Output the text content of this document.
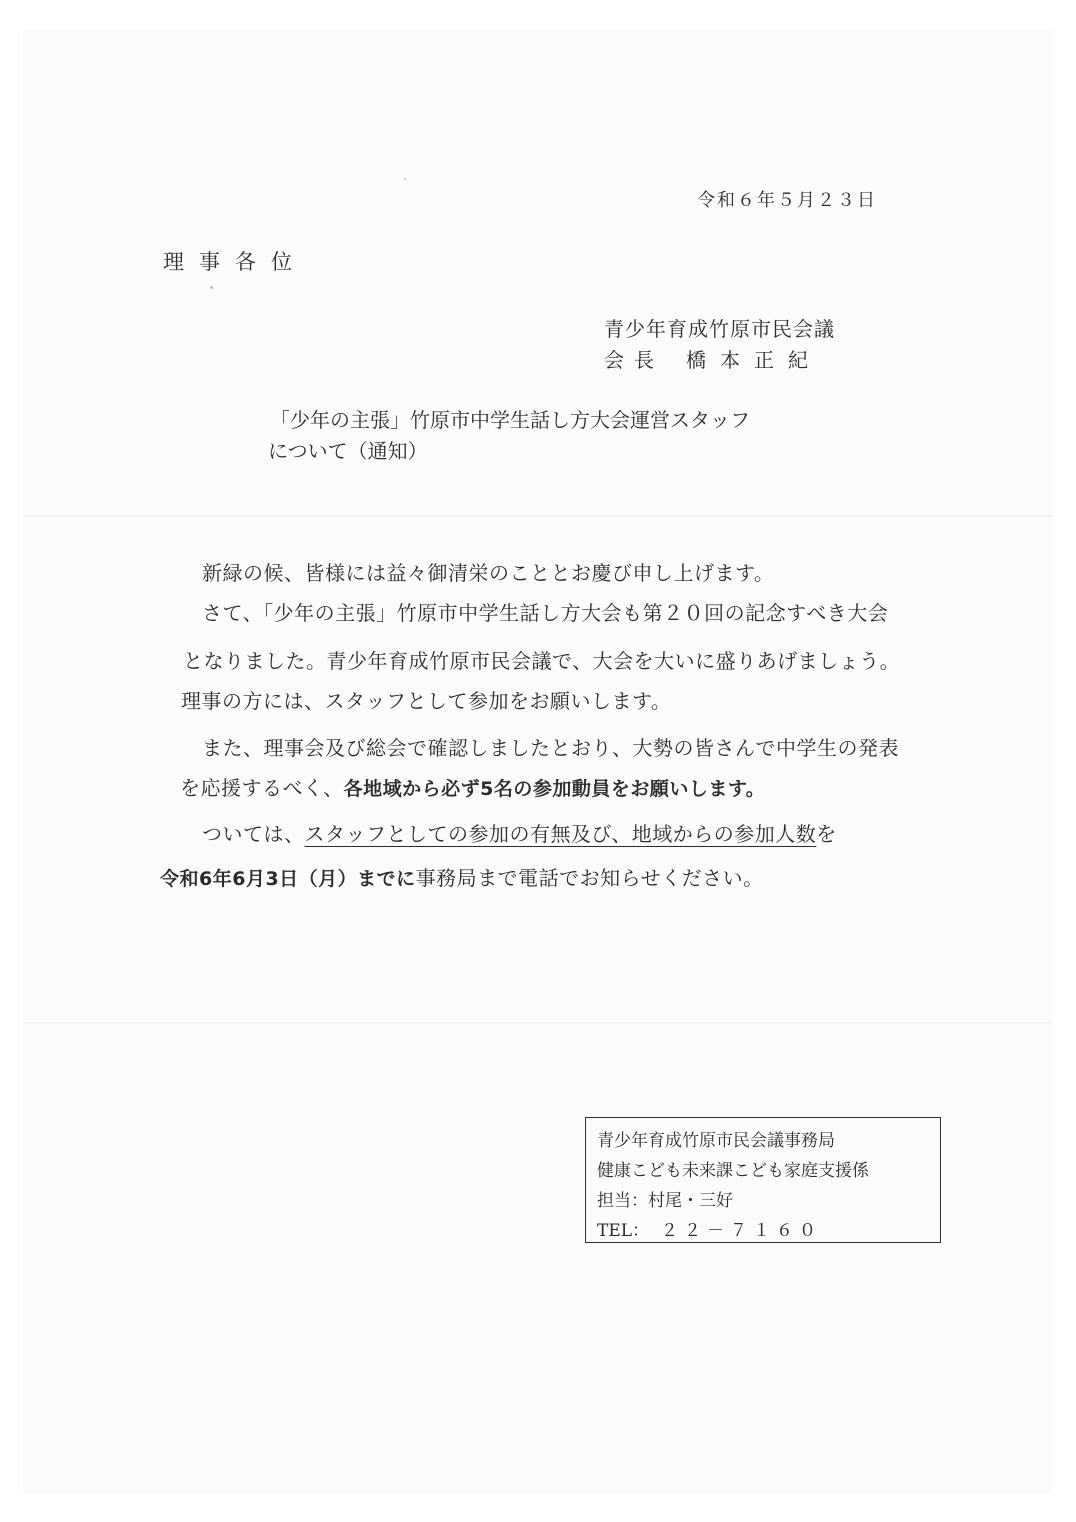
令和６年５月２３日
理事各位
青少年育成竹原市民会議
会長 橋本正紀
「少年の主張」竹原市中学生話し方大会運営スタッフ
について（通知）
新緑の候、皆様には益々御清栄のこととお慶び申し上げます。
さて、「少年の主張」竹原市中学生話し方大会も第２０回の記念すべき大会
となりました。青少年育成竹原市民会議で、大会を大いに盛りあげましょう。
理事の方には、スタッフとして参加をお願いします。
また、理事会及び総会で確認しましたとおり、大勢の皆さんで中学生の発表
を応援するべく、各地域から必ず5名の参加動員をお願いします。
ついては、スタッフとしての参加の有無及び、地域からの参加人数を
令和6年6月3日（月）までに事務局まで電話でお知らせください。
青少年育成竹原市民会議事務局
健康こども未来課こども家庭支援係
担当：村尾・三好
TEL： ２２－７１６０
